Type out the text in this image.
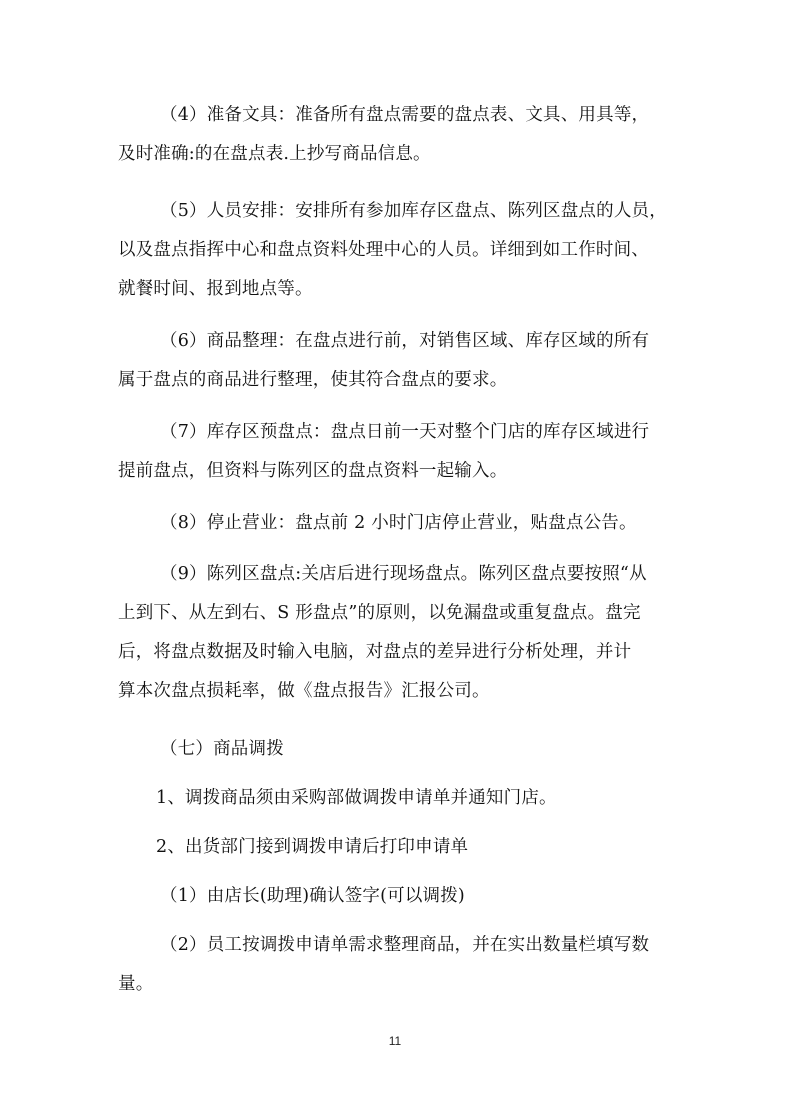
（4）准备文具：准备所有盘点需要的盘点表、文具、用具等，
及时准确:的在盘点表.上抄写商品信息。

（5）人员安排：安排所有参加库存区盘点、陈列区盘点的人员，
以及盘点指挥中心和盘点资料处理中心的人员。详细到如工作时间、
就餐时间、报到地点等。

（6）商品整理：在盘点进行前，对销售区域、库存区域的所有
属于盘点的商品进行整理，使其符合盘点的要求。

（7）库存区预盘点：盘点日前一天对整个门店的库存区域进行
提前盘点，但资料与陈列区的盘点资料一起输入。

（8）停止营业：盘点前 2 小时门店停止营业，贴盘点公告。

（9）陈列区盘点:关店后进行现场盘点。陈列区盘点要按照“从
上到下、从左到右、S 形盘点”的原则，以免漏盘或重复盘点。盘完
后，将盘点数据及时输入电脑，对盘点的差异进行分析处理，并计
算本次盘点损耗率，做《盘点报告》汇报公司。

（七）商品调拨

1、调拨商品须由采购部做调拨申请单并通知门店。

2、出货部门接到调拨申请后打印申请单

（1）由店长(助理)确认签字(可以调拨)

（2）员工按调拨申请单需求整理商品，并在实出数量栏填写数
量。

11
